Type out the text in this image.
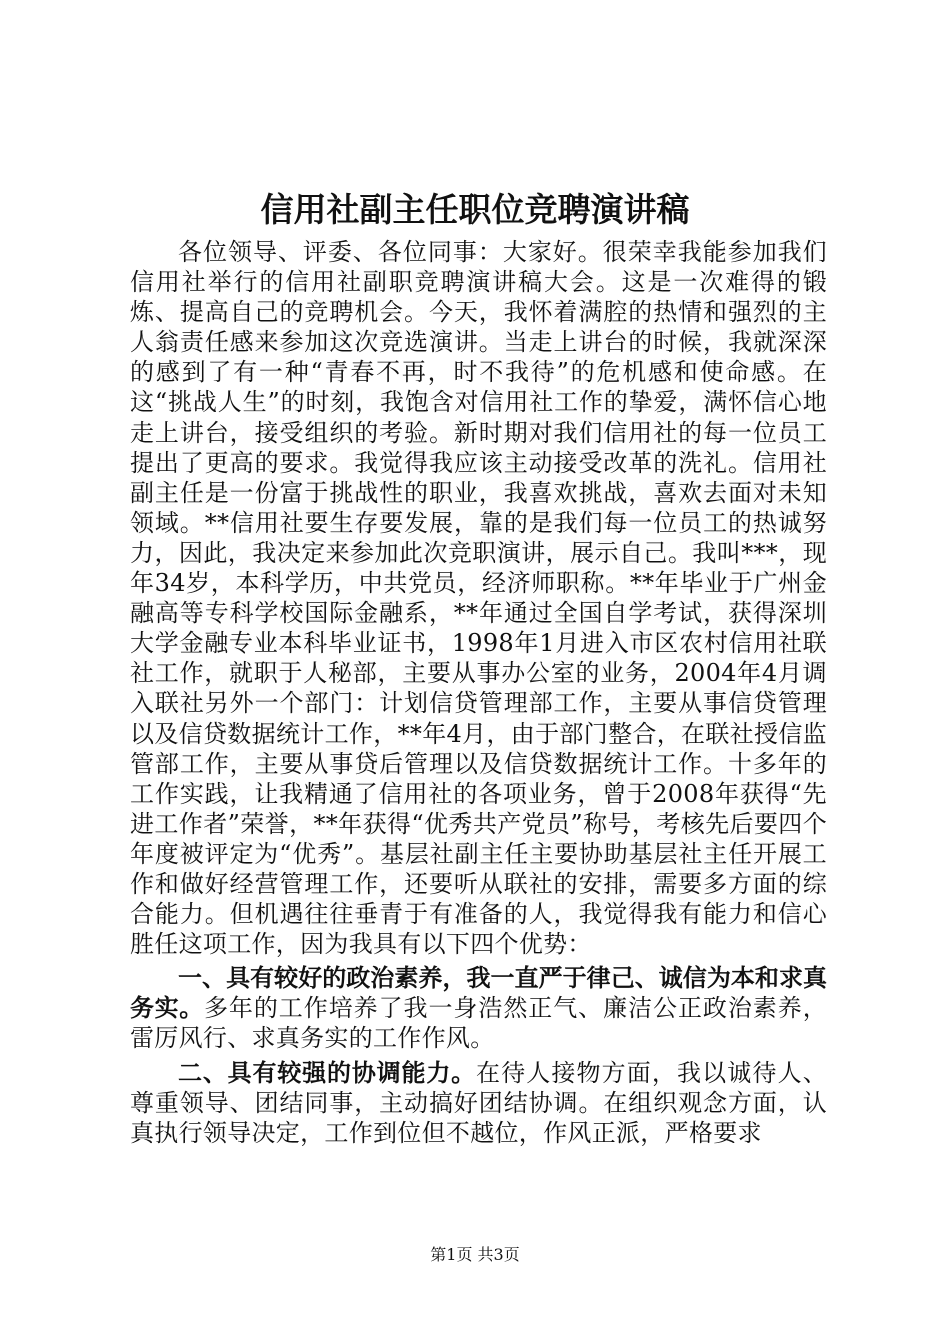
信用社副主任职位竞聘演讲稿

各位领导、评委、各位同事：大家好。很荣幸我能参加我们信用社举行的信用社副职竞聘演讲稿大会。这是一次难得的锻炼、提高自己的竞聘机会。今天，我怀着满腔的热情和强烈的主人翁责任感来参加这次竞选演讲。当走上讲台的时候，我就深深的感到了有一种“青春不再，时不我待”的危机感和使命感。在这“挑战人生”的时刻，我饱含对信用社工作的挚爱，满怀信心地走上讲台，接受组织的考验。新时期对我们信用社的每一位员工提出了更高的要求。我觉得我应该主动接受改革的洗礼。信用社副主任是一份富于挑战性的职业，我喜欢挑战，喜欢去面对未知领域。**信用社要生存要发展，靠的是我们每一位员工的热诚努力，因此，我决定来参加此次竞职演讲，展示自己。我叫***，现年34岁，本科学历，中共党员，经济师职称。**年毕业于广州金融高等专科学校国际金融系，**年通过全国自学考试，获得深圳大学金融专业本科毕业证书，1998年1月进入市区农村信用社联社工作，就职于人秘部，主要从事办公室的业务，2004年4月调入联社另外一个部门：计划信贷管理部工作，主要从事信贷管理以及信贷数据统计工作，**年4月，由于部门整合，在联社授信监管部工作，主要从事贷后管理以及信贷数据统计工作。十多年的工作实践，让我精通了信用社的各项业务，曾于2008年获得“先进工作者”荣誉，**年获得“优秀共产党员”称号，考核先后要四个年度被评定为“优秀”。基层社副主任主要协助基层社主任开展工作和做好经营管理工作，还要听从联社的安排，需要多方面的综合能力。但机遇往往垂青于有准备的人，我觉得我有能力和信心胜任这项工作，因为我具有以下四个优势：

一、具有较好的政治素养，我一直严于律己、诚信为本和求真务实。多年的工作培养了我一身浩然正气、廉洁公正政治素养，雷厉风行、求真务实的工作作风。

二、具有较强的协调能力。在待人接物方面，我以诚待人、尊重领导、团结同事，主动搞好团结协调。在组织观念方面，认真执行领导决定，工作到位但不越位，作风正派，严格要求

第1页 共3页
